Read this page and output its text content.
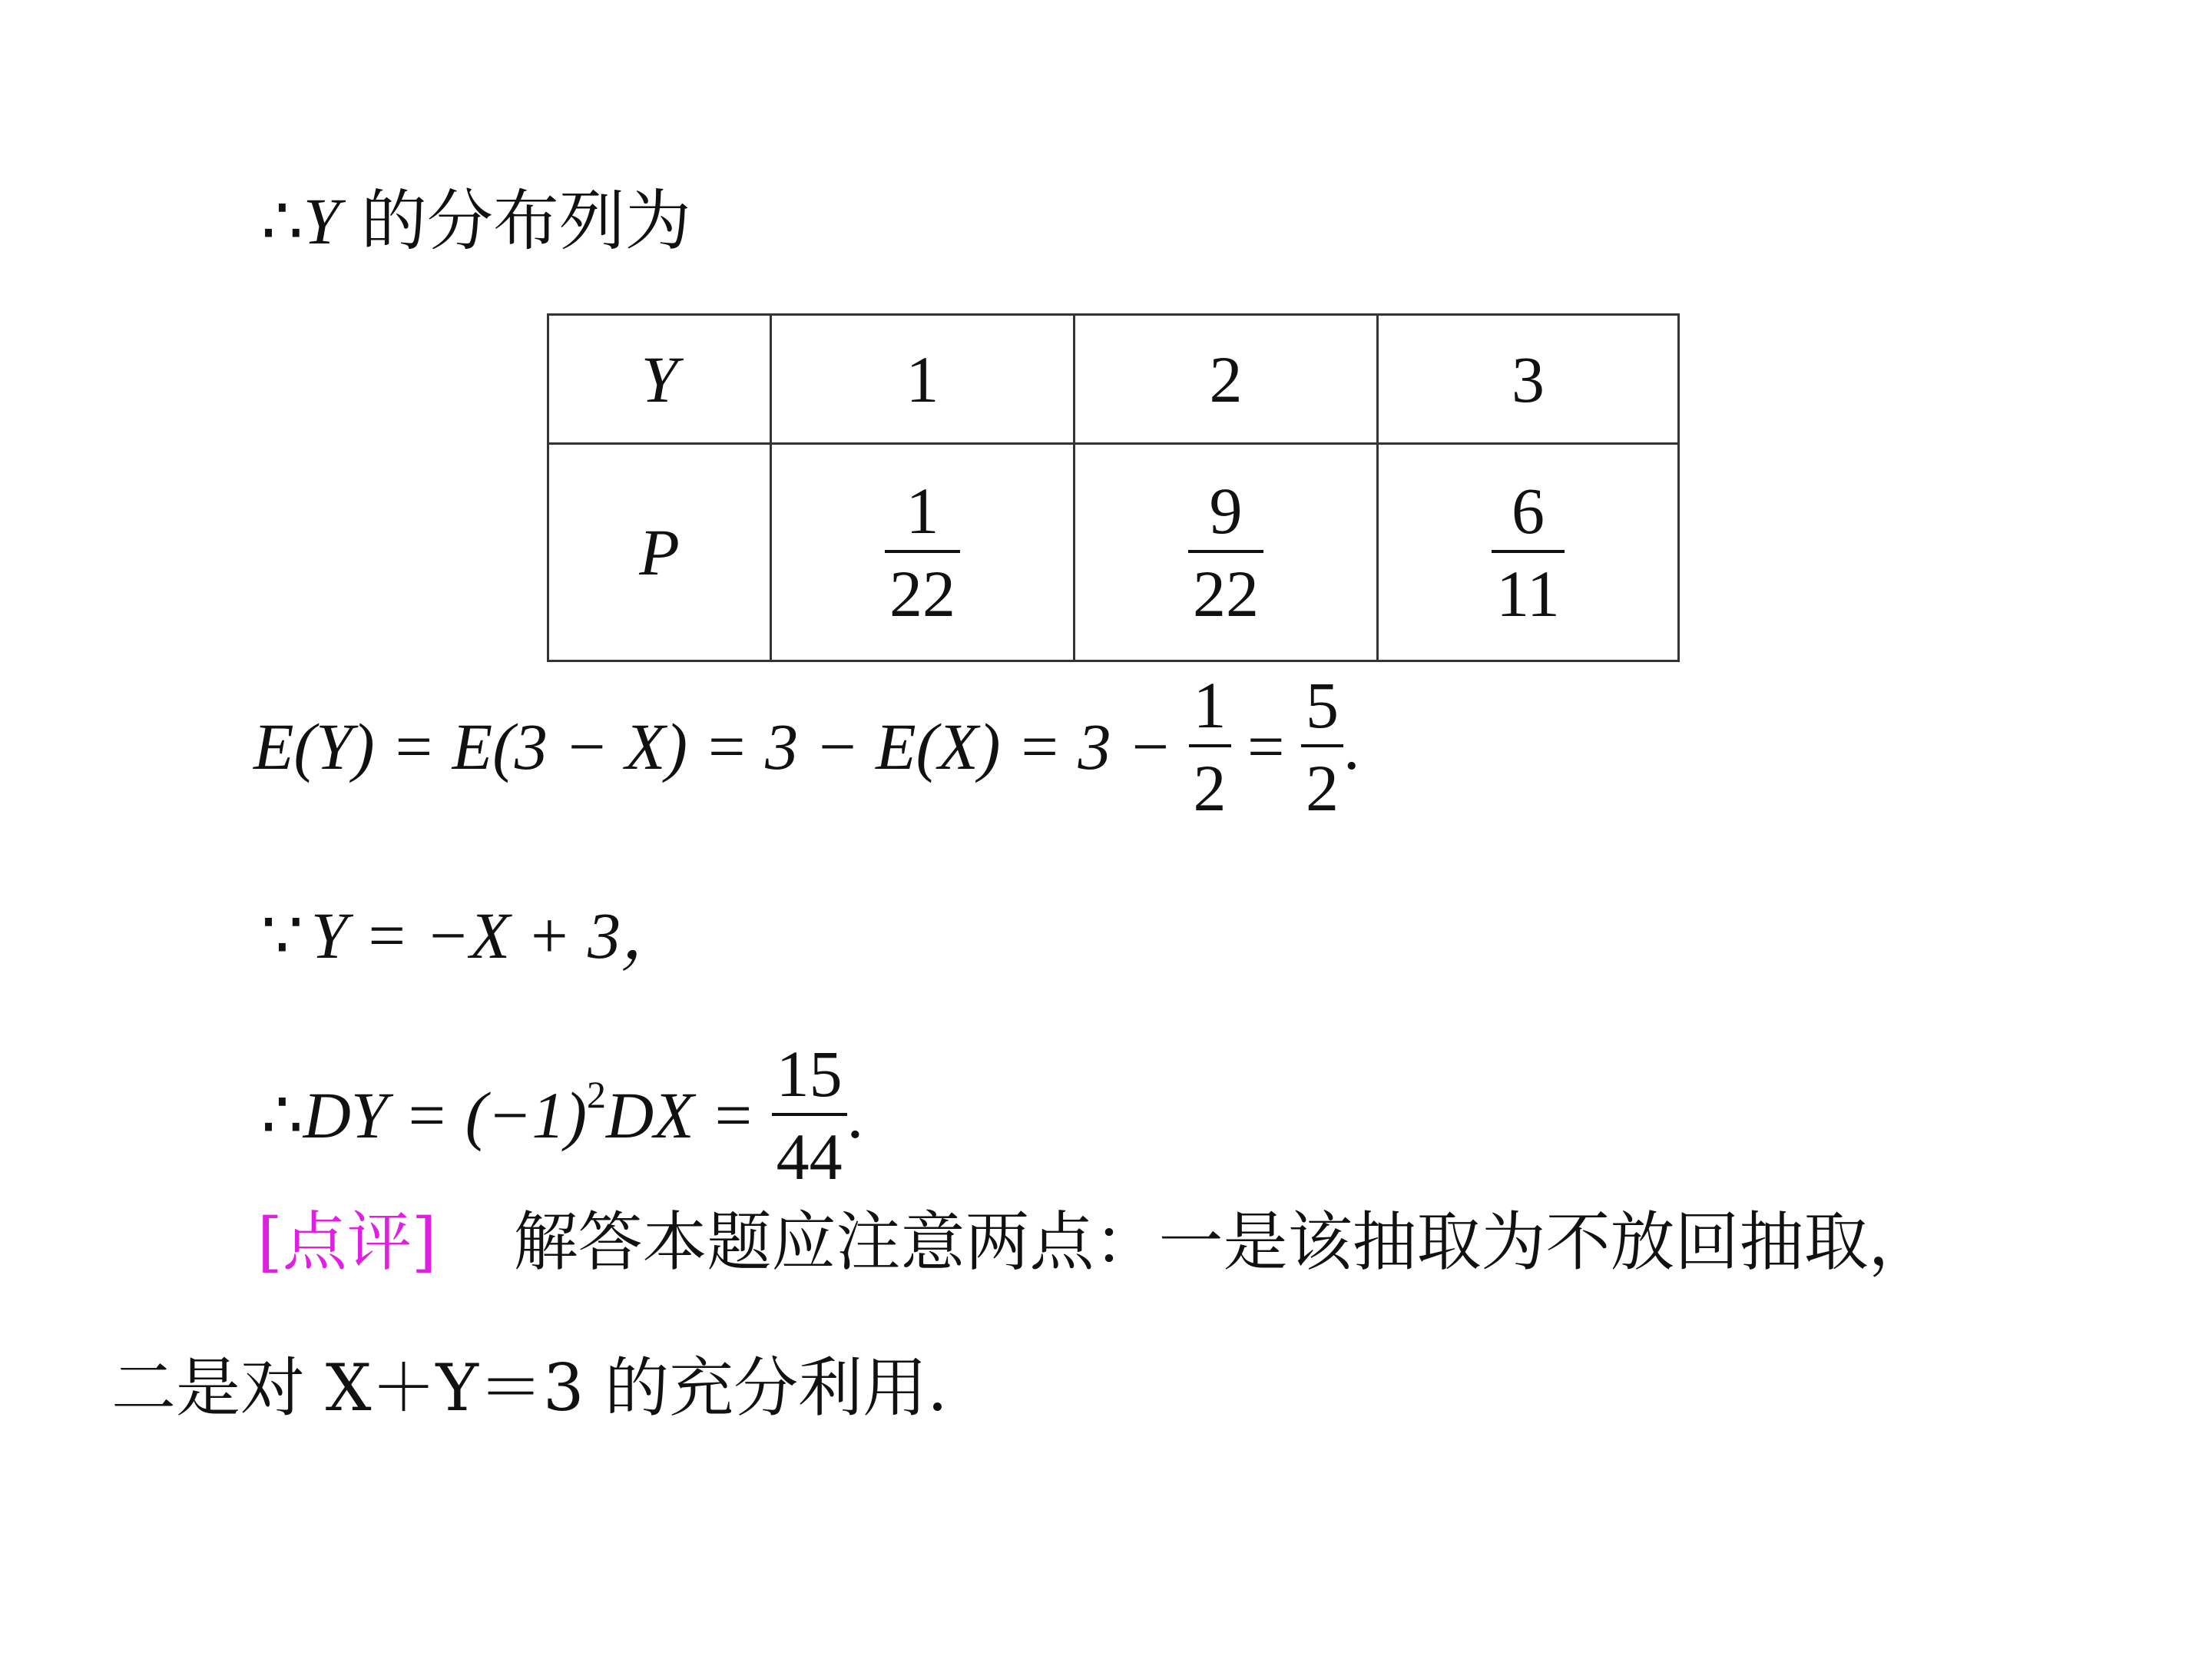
∴Y 的分布列为
Y	1	2	3
P	$\frac{1}{22}$	$\frac{9}{22}$	$\frac{6}{11}$
$E(Y) = E(3 - X) = 3 - E(X) = 3 - \frac{1}{2} = \frac{5}{2}$ .
∵ Y = −X + 3，
∴DY = $(-1)^2DX = \frac{15}{44}$ .
[点评] 解答本题应注意两点：一是该抽取为不放回抽取，
二是对 X＋Y＝3 的充分利用.
